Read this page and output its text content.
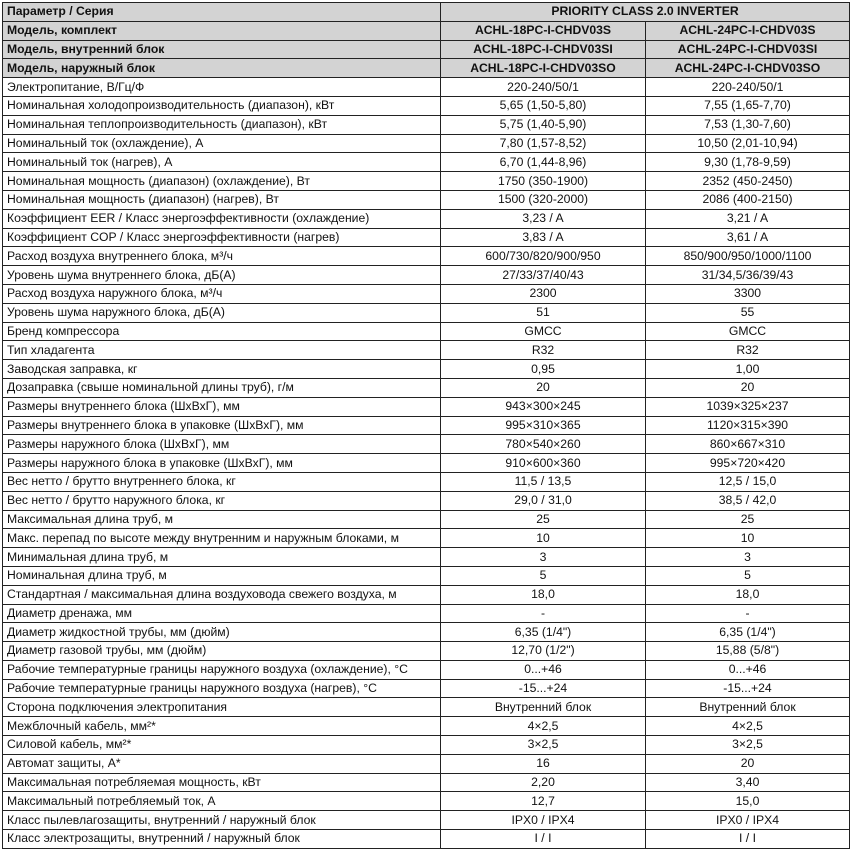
Параметр / Серия	PRIORITY CLASS 2.0 INVERTER	
Модель, комплект	ACHL-18PC-I-CHDV03S	ACHL-24PC-I-CHDV03S
Модель, внутренний блок	ACHL-18PC-I-CHDV03SI	ACHL-24PC-I-CHDV03SI
Модель, наружный блок	ACHL-18PC-I-CHDV03SO	ACHL-24PC-I-CHDV03SO
Электропитание, В/Гц/Ф	220-240/50/1	220-240/50/1
Номинальная холодопроизводительность (диапазон), кВт	5,65 (1,50-5,80)	7,55 (1,65-7,70)
Номинальная теплопроизводительность (диапазон), кВт	5,75 (1,40-5,90)	7,53 (1,30-7,60)
Номинальный ток (охлаждение), А	7,80 (1,57-8,52)	10,50 (2,01-10,94)
Номинальный ток (нагрев), А	6,70 (1,44-8,96)	9,30 (1,78-9,59)
Номинальная мощность (диапазон) (охлаждение), Вт	1750 (350-1900)	2352 (450-2450)
Номинальная мощность (диапазон) (нагрев), Вт	1500 (320-2000)	2086 (400-2150)
Коэффициент EER / Класс энергоэффективности (охлаждение)	3,23 / A	3,21 / A
Коэффициент COP / Класс энергоэффективности (нагрев)	3,83 / A	3,61 / A
Расход воздуха внутреннего блока, м³/ч	600/730/820/900/950	850/900/950/1000/1100
Уровень шума внутреннего блока, дБ(А)	27/33/37/40/43	31/34,5/36/39/43
Расход воздуха наружного блока, м³/ч	2300	3300
Уровень шума наружного блока, дБ(А)	51	55
Бренд компрессора	GMCC	GMCC
Тип хладагента	R32	R32
Заводская заправка, кг	0,95	1,00
Дозаправка (свыше номинальной длины труб), г/м	20	20
Размеры внутреннего блока (ШхВхГ), мм	943×300×245	1039×325×237
Размеры внутреннего блока в упаковке (ШхВхГ), мм	995×310×365	1120×315×390
Размеры наружного блока (ШхВхГ), мм	780×540×260	860×667×310
Размеры наружного блока в упаковке (ШхВхГ), мм	910×600×360	995×720×420
Вес нетто / брутто внутреннего блока, кг	11,5 / 13,5	12,5 / 15,0
Вес нетто / брутто наружного блока, кг	29,0 / 31,0	38,5 / 42,0
Максимальная длина труб, м	25	25
Макс. перепад по высоте между внутренним и наружным блоками, м	10	10
Минимальная длина труб, м	3	3
Номинальная длина труб, м	5	5
Стандартная / максимальная длина воздуховода свежего воздуха, м	18,0	18,0
Диаметр дренажа, мм	-	-
Диаметр жидкостной трубы, мм (дюйм)	6,35 (1/4")	6,35 (1/4")
Диаметр газовой трубы, мм (дюйм)	12,70 (1/2")	15,88 (5/8")
Рабочие температурные границы наружного воздуха (охлаждение), °С	0...+46	0...+46
Рабочие температурные границы наружного воздуха (нагрев), °С	-15...+24	-15...+24
Сторона подключения электропитания	Внутренний блок	Внутренний блок
Межблочный кабель, мм²*	4×2,5	4×2,5
Силовой кабель, мм²*	3×2,5	3×2,5
Автомат защиты, А*	16	20
Максимальная потребляемая мощность, кВт	2,20	3,40
Максимальный потребляемый ток, А	12,7	15,0
Класс пылевлагозащиты, внутренний / наружный блок	IPX0 / IPX4	IPX0 / IPX4
Класс электрозащиты, внутренний / наружный блок	I / I	I / I
